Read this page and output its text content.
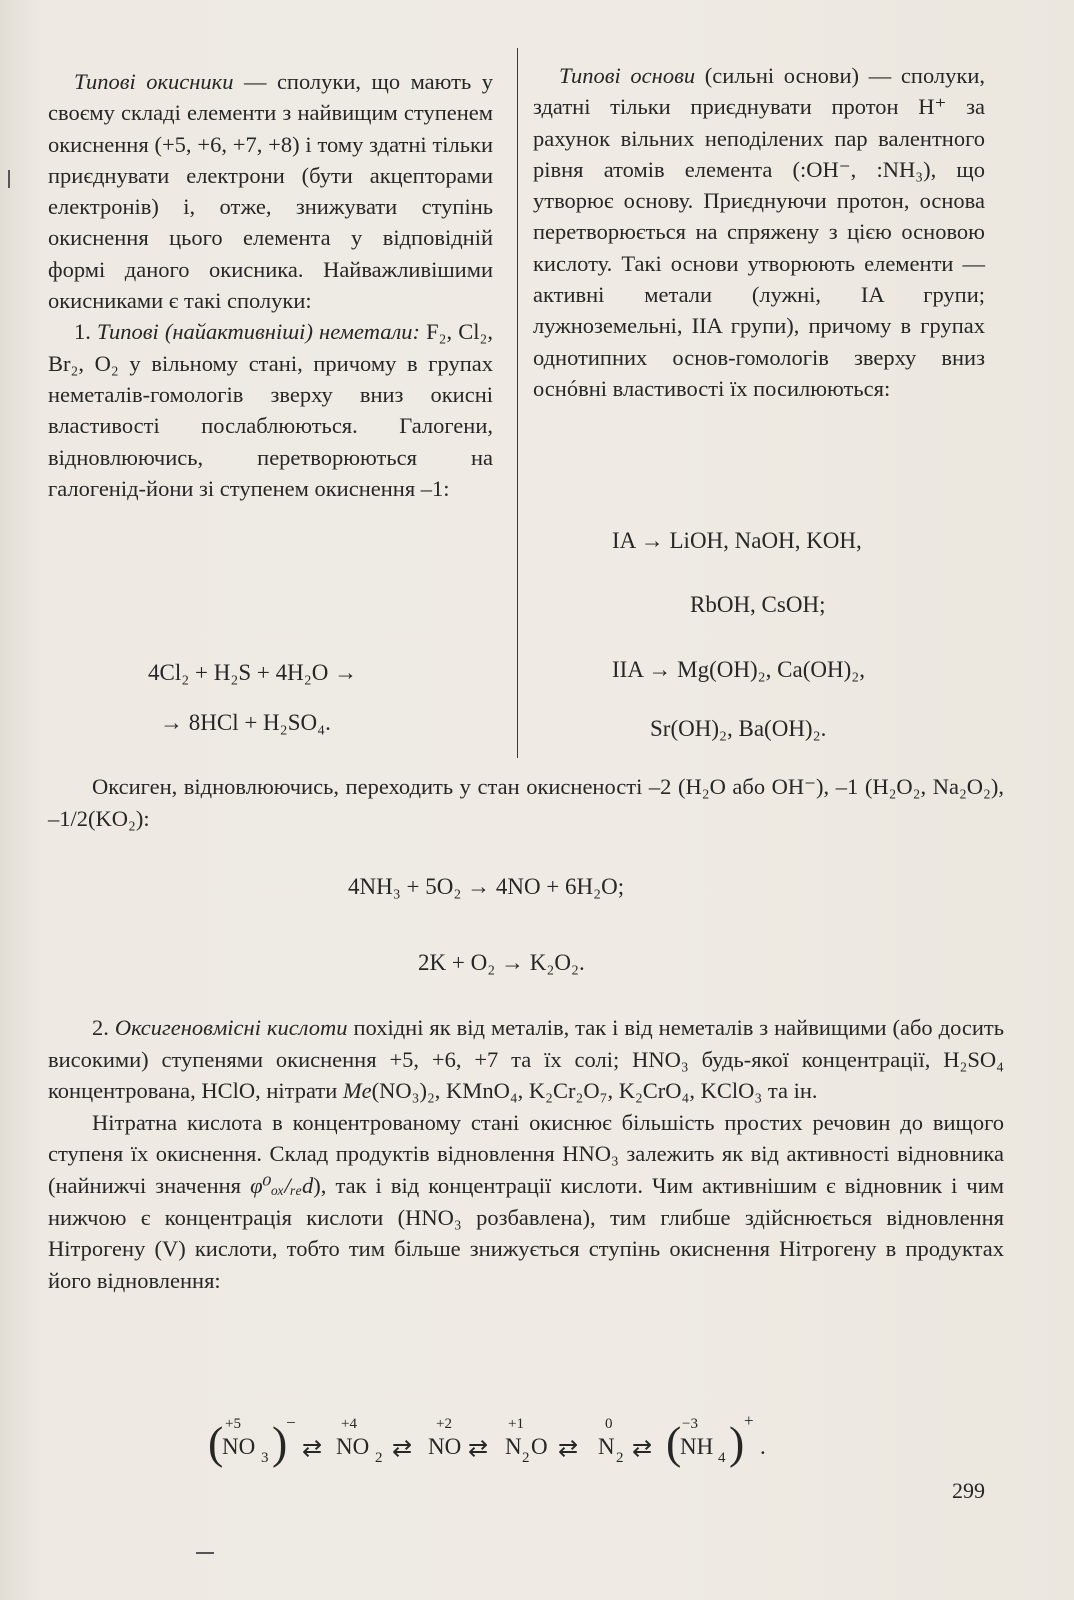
Типові окисники — сполуки, що мають у своєму складі елементи з найвищим ступенем окиснення (+5, +6, +7, +8) і тому здатні тільки приєднувати електрони (бути акцепторами електронів) і, отже, знижувати ступінь окиснення цього елемента у відповідній формі даного окисника. Найважливішими окисниками є такі сполуки:

1. Типові (найактивніші) неметали: F₂, Cl₂, Br₂, O₂ у вільному стані, причому в групах неметалів-гомологів зверху вниз окисні властивості послаблюються. Галогени, відновлюючись, перетворюються на галогенід-йони зі ступенем окиснення –1:

4Cl₂ + H₂S + 4H₂O →
→ 8HCl + H₂SO₄.

Типові основи (сильні основи) — сполуки, здатні тільки приєднувати протон H⁺ за рахунок вільних неподілених пар валентного рівня атомів елемента (:OH⁻, :NH₃), що утворює основу. Приєднуючи протон, основа перетворюється на спряжену з цією основою кислоту. Такі основи утворюють елементи — активні метали (лужні, IA групи; лужноземельні, IIA групи), причому в групах однотипних основ-гомологів зверху вниз оснóвні властивості їх посилюються:

IA → LiOH, NaOH, KOH,
RbOH, CsOH;
IIA → Mg(OH)₂, Ca(OH)₂,
Sr(OH)₂, Ba(OH)₂.

Оксиген, відновлюючись, переходить у стан окисненості –2 (H₂O або OH⁻), –1 (H₂O₂, Na₂O₂), –1/2(KO₂):

4NH₃ + 5O₂ → 4NO + 6H₂O;
2K + O₂ → K₂O₂.

2. Оксигеновмісні кислоти похідні як від металів, так і від неметалів з найвищими (або досить високими) ступенями окиснення +5, +6, +7 та їх солі; HNO₃ будь-якої концентрації, H₂SO₄ концентрована, HClO, нітрати Me(NO₃)₂, KMnO₄, K₂Cr₂O₇, K₂CrO₄, KClO₃ та ін.

Нітратна кислота в концентрованому стані окиснює більшість простих речовин до вищого ступеня їх окиснення. Склад продуктів відновлення HNO₃ залежить як від активності відновника (найнижчі значення φ⁰ₒₓ/ᵣₑd), так і від концентрації кислоти. Чим активнішим є відновник і чим нижчою є концентрація кислоти (HNO₃ розбавлена), тим глибше здійснюється відновлення Нітрогену (V) кислоти, тобто тим більше знижується ступінь окиснення Нітрогену в продуктах його відновлення:

( +5
NO 3 )
−
⇄
+4
NO 2 ⇄
+2
NO ⇄
+1
N 2 O ⇄
0
N 2 ⇄ ( −3
NH 4 ) +
.
299
